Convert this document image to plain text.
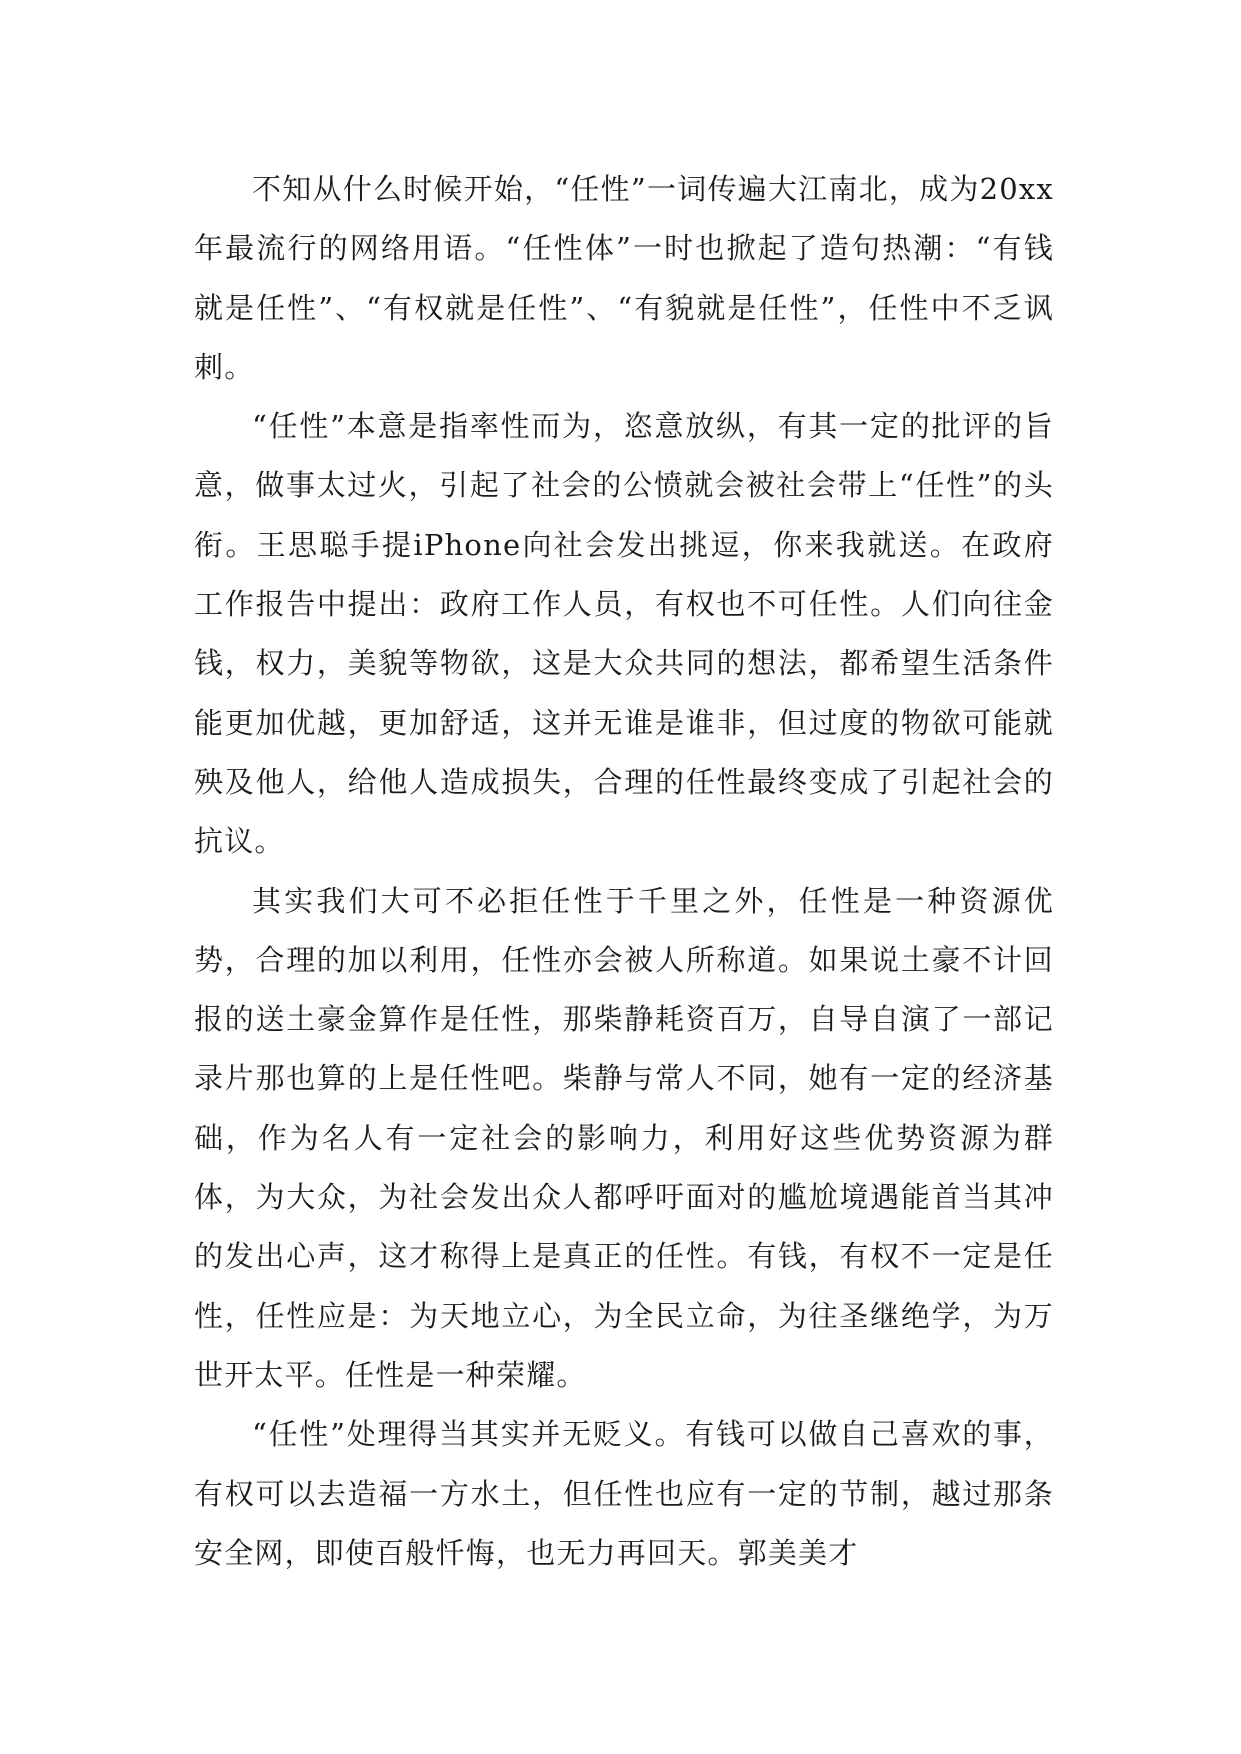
不知从什么时候开始，“任性”一词传遍大江南北，成为20xx年最流行的网络用语。“任性体”一时也掀起了造句热潮：“有钱就是任性”、“有权就是任性”、“有貌就是任性”，任性中不乏讽刺。

“任性”本意是指率性而为，恣意放纵，有其一定的批评的旨意，做事太过火，引起了社会的公愤就会被社会带上“任性”的头衔。王思聪手提iPhone向社会发出挑逗，你来我就送。在政府工作报告中提出：政府工作人员，有权也不可任性。人们向往金钱，权力，美貌等物欲，这是大众共同的想法，都希望生活条件能更加优越，更加舒适，这并无谁是谁非，但过度的物欲可能就殃及他人，给他人造成损失，合理的任性最终变成了引起社会的抗议。

其实我们大可不必拒任性于千里之外，任性是一种资源优势，合理的加以利用，任性亦会被人所称道。如果说土豪不计回报的送土豪金算作是任性，那柴静耗资百万，自导自演了一部记录片那也算的上是任性吧。柴静与常人不同，她有一定的经济基础，作为名人有一定社会的影响力，利用好这些优势资源为群体，为大众，为社会发出众人都呼吁面对的尴尬境遇能首当其冲的发出心声，这才称得上是真正的任性。有钱，有权不一定是任性，任性应是：为天地立心，为全民立命，为往圣继绝学，为万世开太平。任性是一种荣耀。

“任性”处理得当其实并无贬义。有钱可以做自己喜欢的事，有权可以去造福一方水土，但任性也应有一定的节制，越过那条安全网，即使百般忏悔，也无力再回天。郭美美才
